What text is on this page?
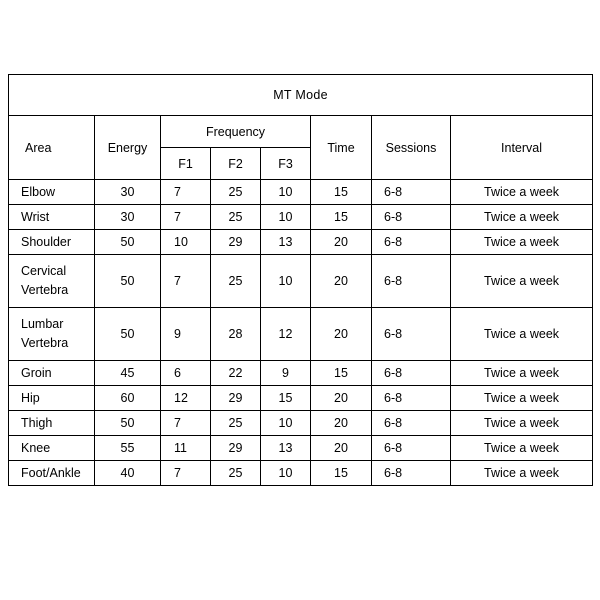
MT Mode							
Area	Energy	Frequency			Time	Sessions	Interval
		F1	F2	F3			
Elbow	30	7	25	10	15	6-8	Twice a week
Wrist	30	7	25	10	15	6-8	Twice a week
Shoulder	50	10	29	13	20	6-8	Twice a week

Cervical
Vertebra	50	7	25	10	20	6-8	Twice a week

Lumbar
Vertebra	50	9	28	12	20	6-8	Twice a week
Groin	45	6	22	9	15	6-8	Twice a week
Hip	60	12	29	15	20	6-8	Twice a week
Thigh	50	7	25	10	20	6-8	Twice a week
Knee	55	11	29	13	20	6-8	Twice a week
Foot/Ankle	40	7	25	10	15	6-8	Twice a week
